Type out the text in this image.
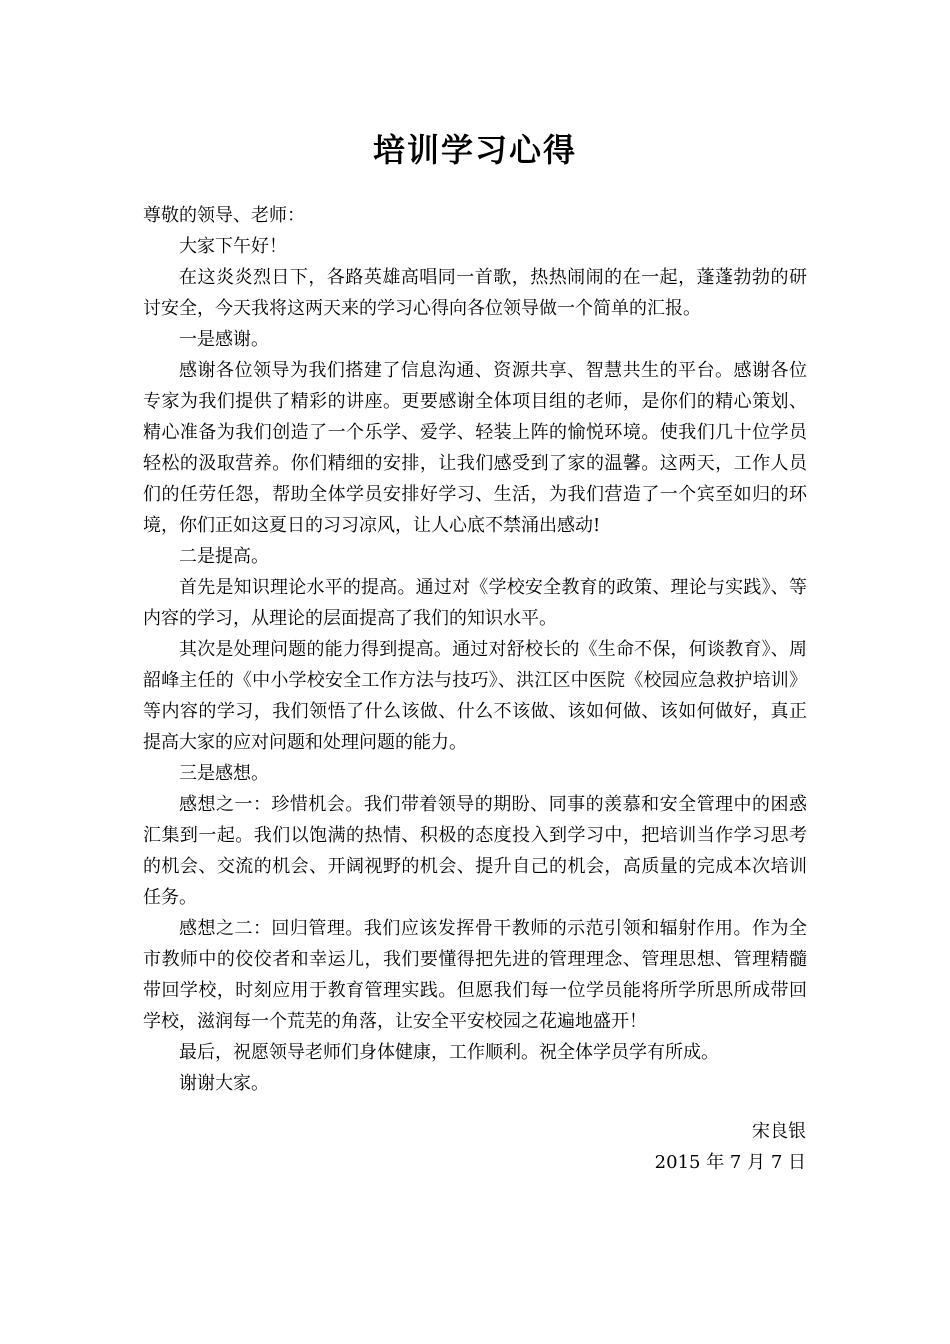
培训学习心得

尊敬的领导、老师：

大家下午好！

在这炎炎烈日下，各路英雄高唱同一首歌，热热闹闹的在一起，蓬蓬勃勃的研讨安全，今天我将这两天来的学习心得向各位领导做一个简单的汇报。

一是感谢。

感谢各位领导为我们搭建了信息沟通、资源共享、智慧共生的平台。感谢各位专家为我们提供了精彩的讲座。更要感谢全体项目组的老师，是你们的精心策划、精心准备为我们创造了一个乐学、爱学、轻装上阵的愉悦环境。使我们几十位学员轻松的汲取营养。你们精细的安排，让我们感受到了家的温馨。这两天，工作人员们的任劳任怨，帮助全体学员安排好学习、生活，为我们营造了一个宾至如归的环境，你们正如这夏日的习习凉风，让人心底不禁涌出感动!

二是提高。

首先是知识理论水平的提高。通过对《学校安全教育的政策、理论与实践》、等内容的学习，从理论的层面提高了我们的知识水平。

其次是处理问题的能力得到提高。通过对舒校长的《生命不保，何谈教育》、周韶峰主任的《中小学校安全工作方法与技巧》、洪江区中医院《校园应急救护培训》等内容的学习，我们领悟了什么该做、什么不该做、该如何做、该如何做好，真正提高大家的应对问题和处理问题的能力。

三是感想。

感想之一：珍惜机会。我们带着领导的期盼、同事的羡慕和安全管理中的困惑汇集到一起。我们以饱满的热情、积极的态度投入到学习中，把培训当作学习思考的机会、交流的机会、开阔视野的机会、提升自己的机会，高质量的完成本次培训任务。

感想之二：回归管理。我们应该发挥骨干教师的示范引领和辐射作用。作为全市教师中的佼佼者和幸运儿，我们要懂得把先进的管理理念、管理思想、管理精髓带回学校，时刻应用于教育管理实践。但愿我们每一位学员能将所学所思所成带回学校，滋润每一个荒芜的角落，让安全平安校园之花遍地盛开！

最后，祝愿领导老师们身体健康，工作顺利。祝全体学员学有所成。

谢谢大家。

宋良银
2015 年 7 月 7 日
